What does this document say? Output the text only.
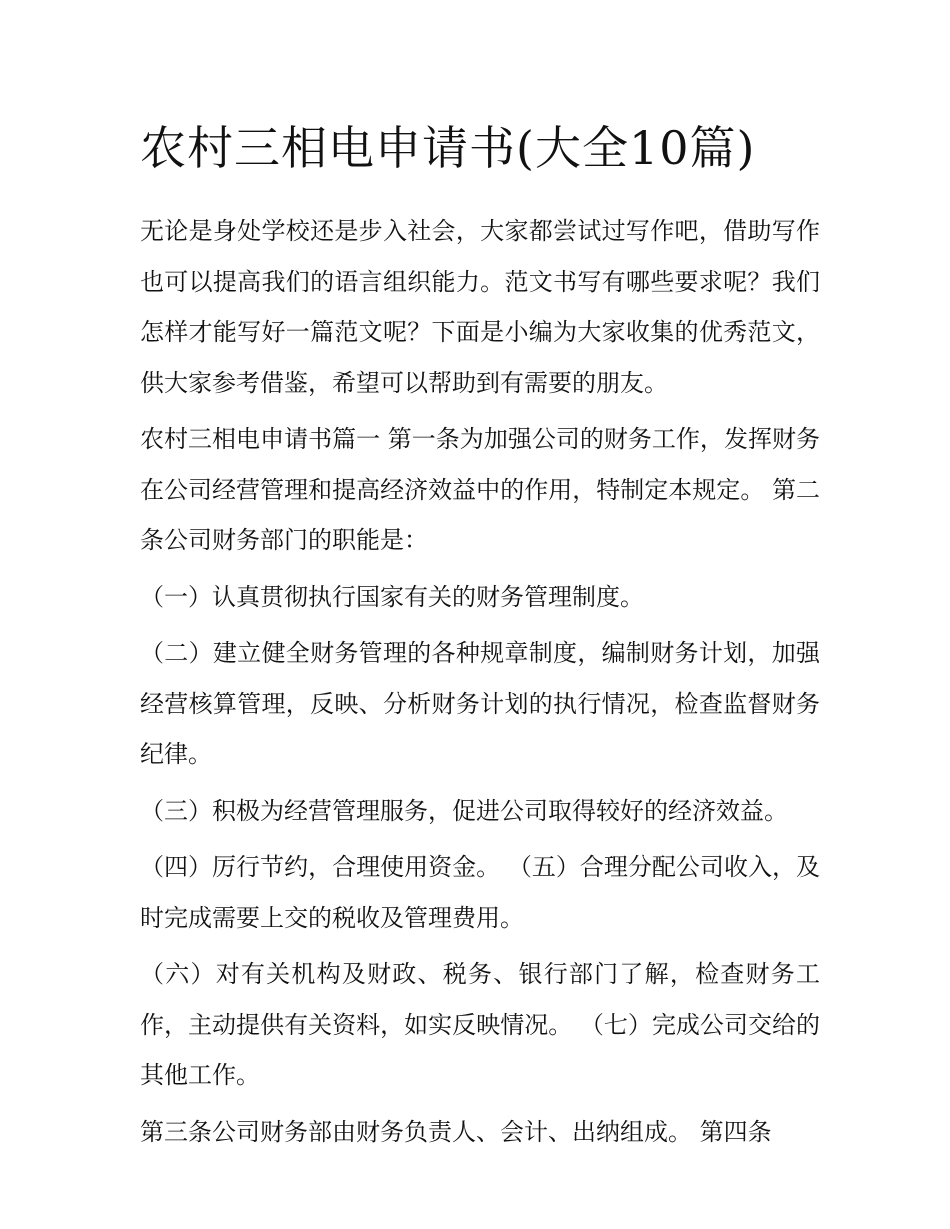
农村三相电申请书(大全10篇)

无论是身处学校还是步入社会，大家都尝试过写作吧，借助写作也可以提高我们的语言组织能力。范文书写有哪些要求呢？我们怎样才能写好一篇范文呢？下面是小编为大家收集的优秀范文，供大家参考借鉴，希望可以帮助到有需要的朋友。

农村三相电申请书篇一 第一条为加强公司的财务工作，发挥财务在公司经营管理和提高经济效益中的作用，特制定本规定。 第二条公司财务部门的职能是：

（一）认真贯彻执行国家有关的财务管理制度。

（二）建立健全财务管理的各种规章制度，编制财务计划，加强经营核算管理，反映、分析财务计划的执行情况，检查监督财务纪律。

（三）积极为经营管理服务，促进公司取得较好的经济效益。

（四）厉行节约，合理使用资金。 （五）合理分配公司收入，及时完成需要上交的税收及管理费用。

（六）对有关机构及财政、税务、银行部门了解，检查财务工作，主动提供有关资料，如实反映情况。 （七）完成公司交给的其他工作。

第三条公司财务部由财务负责人、会计、出纳组成。 第四条
